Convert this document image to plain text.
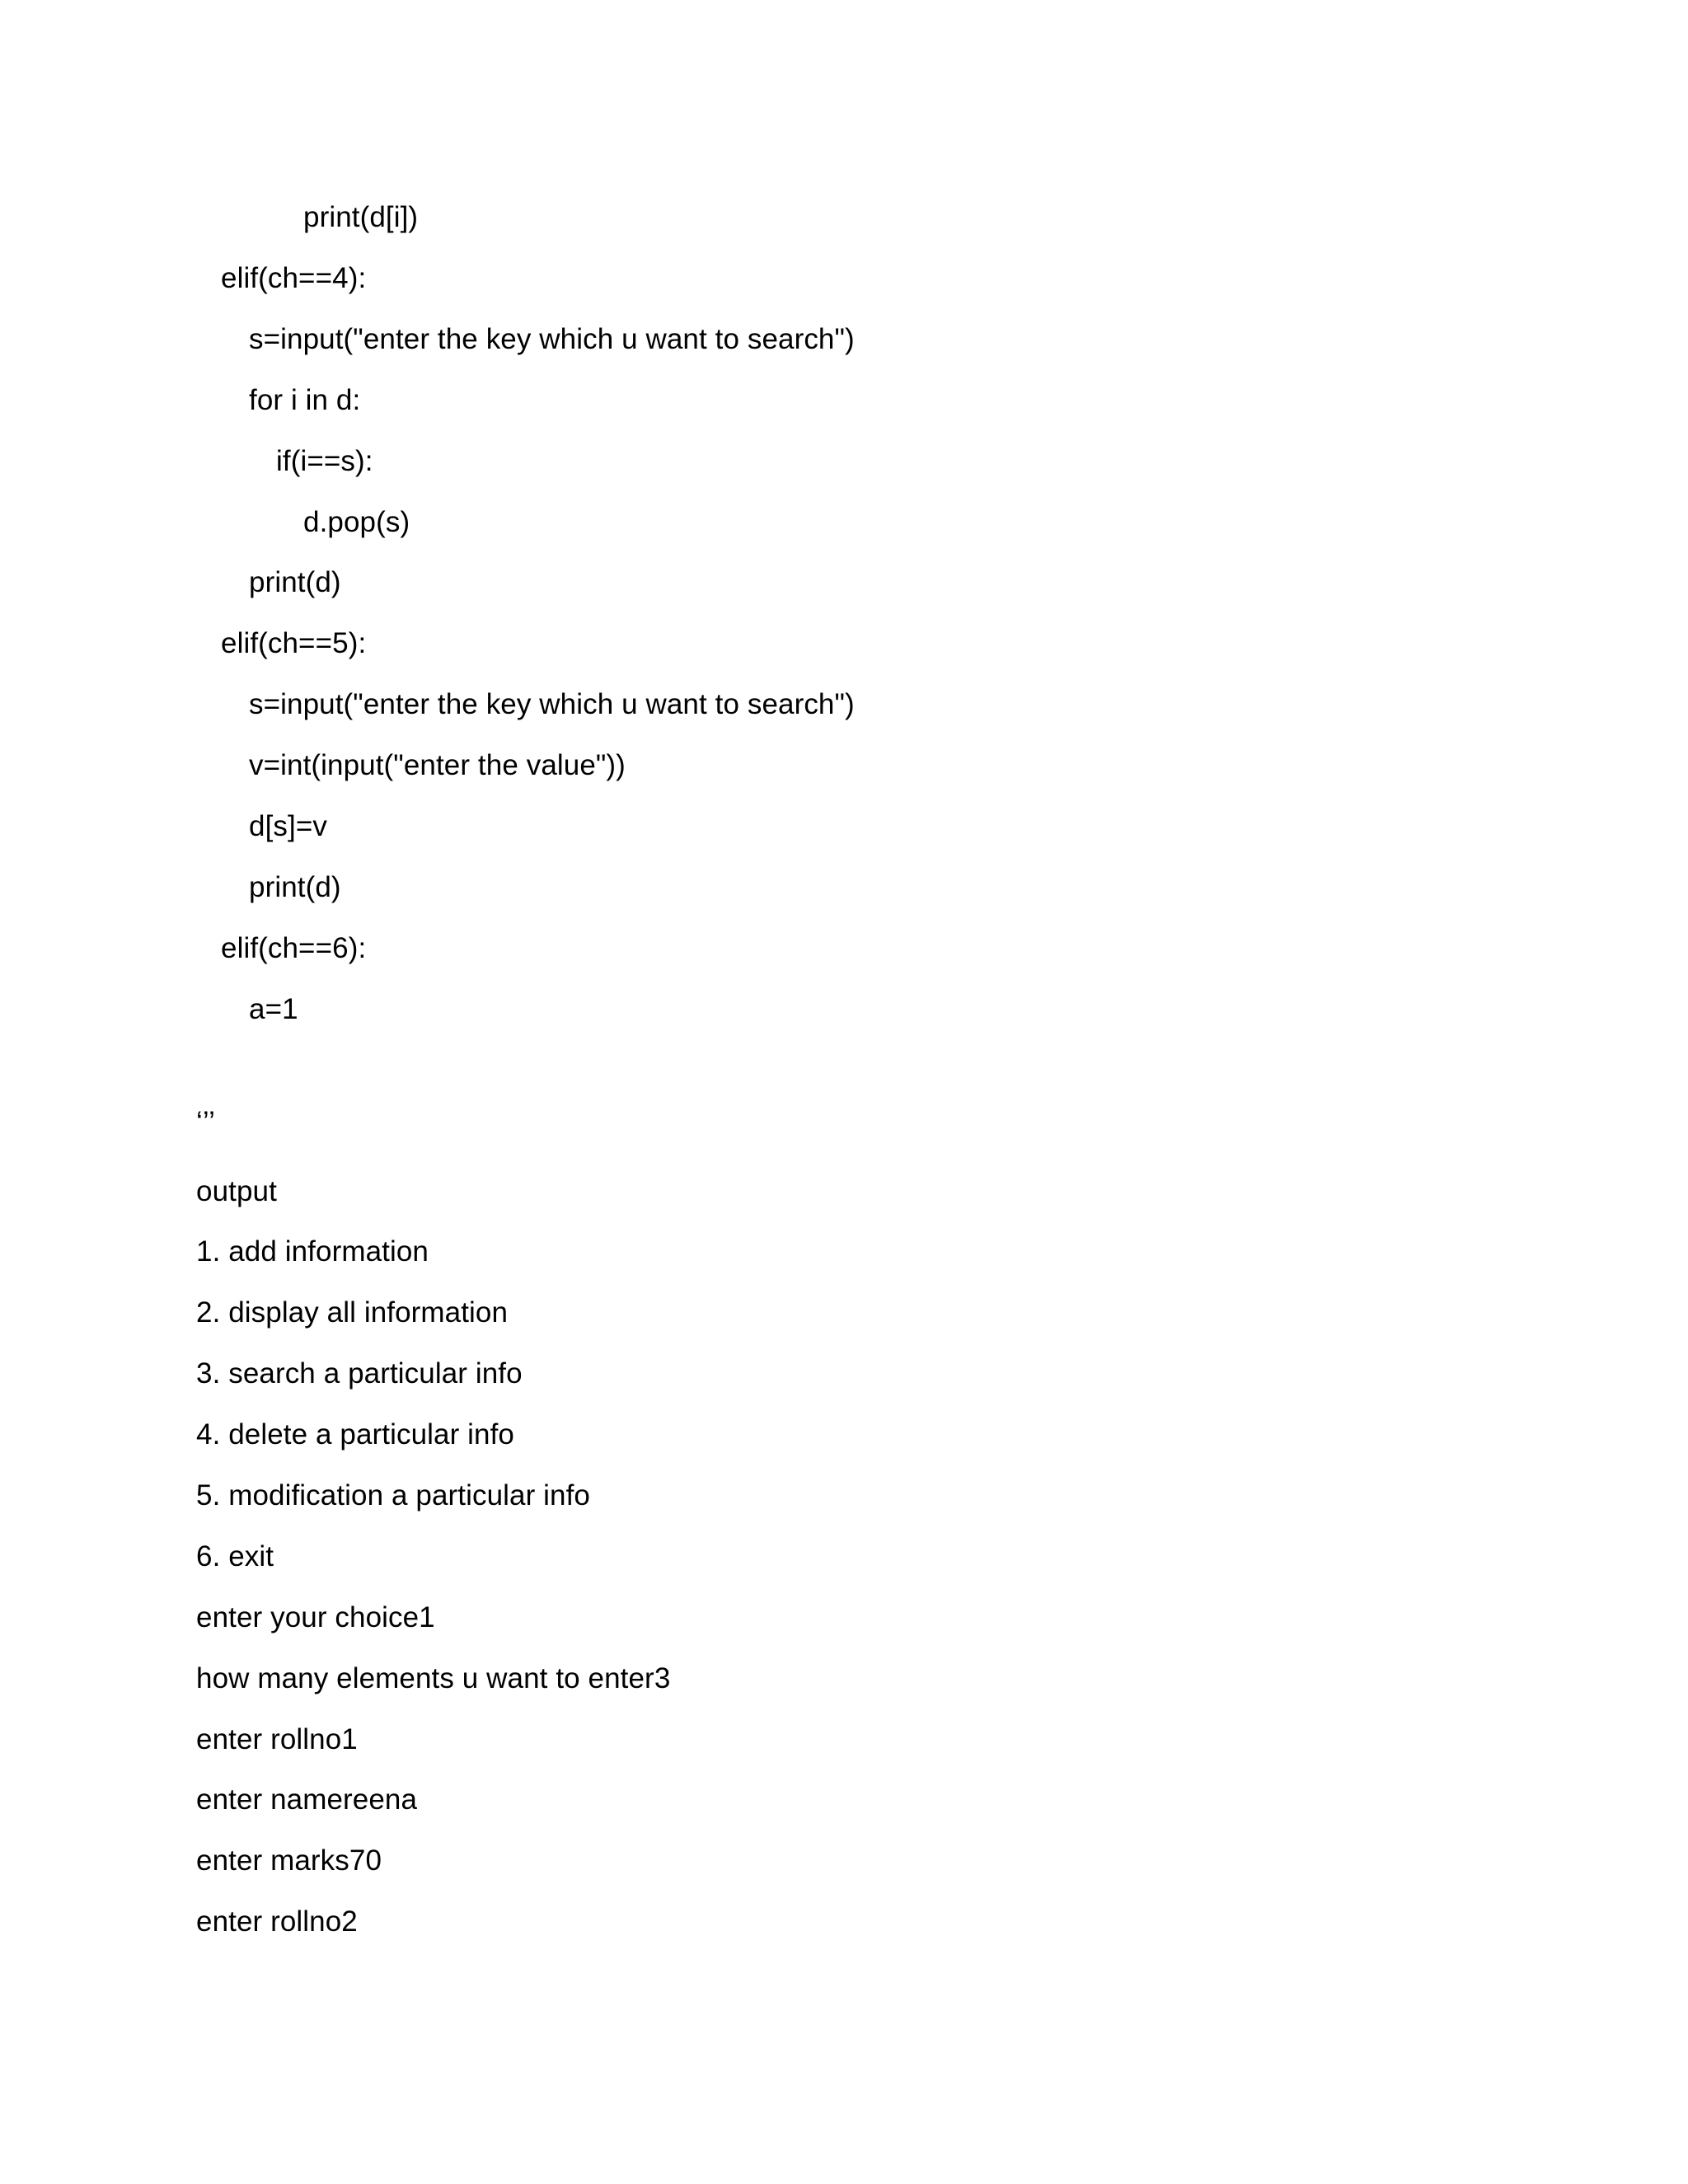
print(d[i])
elif(ch==4):
s=input("enter the key which u want to search")
for i in d:
if(i==s):
d.pop(s)
print(d)
elif(ch==5):
s=input("enter the key which u want to search")
v=int(input("enter the value"))
d[s]=v
print(d)
elif(ch==6):
a=1
‘’’
output
1. add information
2. display all information
3. search a particular info
4. delete a particular info
5. modification a particular info
6. exit
enter your choice1
how many elements u want to enter3
enter rollno1
enter namereena
enter marks70
enter rollno2
